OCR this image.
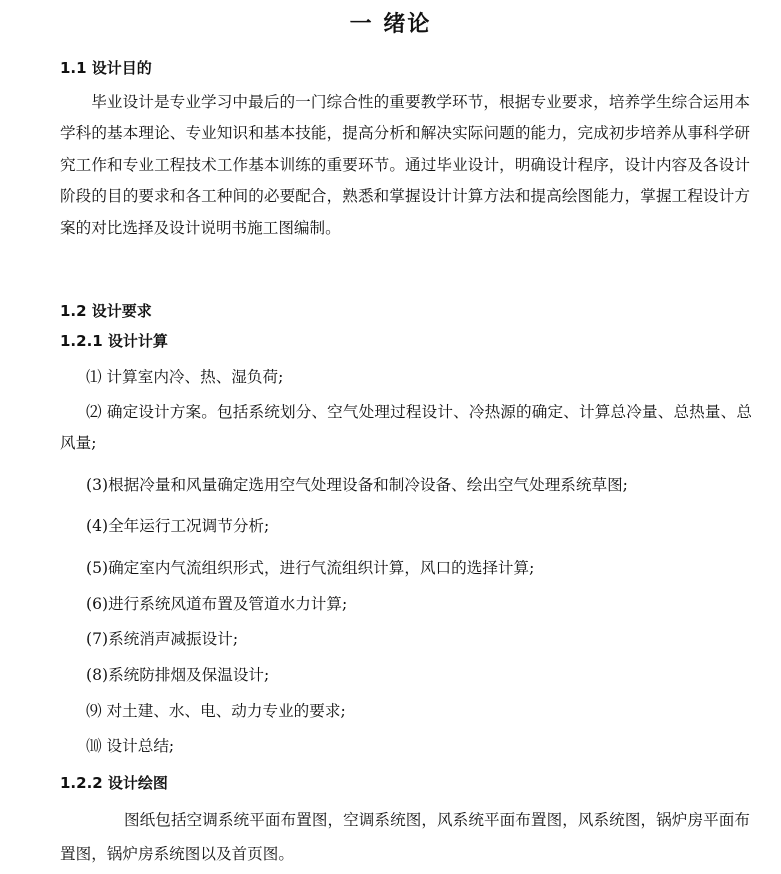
一 绪论
1.1 设计目的

毕业设计是专业学习中最后的一门综合性的重要教学环节，根据专业要求，培养学生综合运用本学科的基本理论、专业知识和基本技能，提高分析和解决实际问题的能力，完成初步培养从事科学研究工作和专业工程技术工作基本训练的重要环节。通过毕业设计，明确设计程序，设计内容及各设计阶段的目的要求和各工种间的必要配合，熟悉和掌握设计计算方法和提高绘图能力，掌握工程设计方案的对比选择及设计说明书施工图编制。

1.2 设计要求
1.2.1 设计计算

⑴ 计算室内冷、热、湿负荷;

⑵ 确定设计方案。包括系统划分、空气处理过程设计、冷热源的确定、计算总冷量、总热量、总风量;

(3)根据冷量和风量确定选用空气处理设备和制冷设备、绘出空气处理系统草图;

(4)全年运行工况调节分析;

(5)确定室内气流组织形式，进行气流组织计算，风口的选择计算;

(6)进行系统风道布置及管道水力计算;

(7)系统消声减振设计;

(8)系统防排烟及保温设计;

⑼ 对土建、水、电、动力专业的要求;

⑽ 设计总结;

1.2.2 设计绘图

图纸包括空调系统平面布置图，空调系统图，风系统平面布置图，风系统图，锅炉房平面布置图，锅炉房系统图以及首页图。
